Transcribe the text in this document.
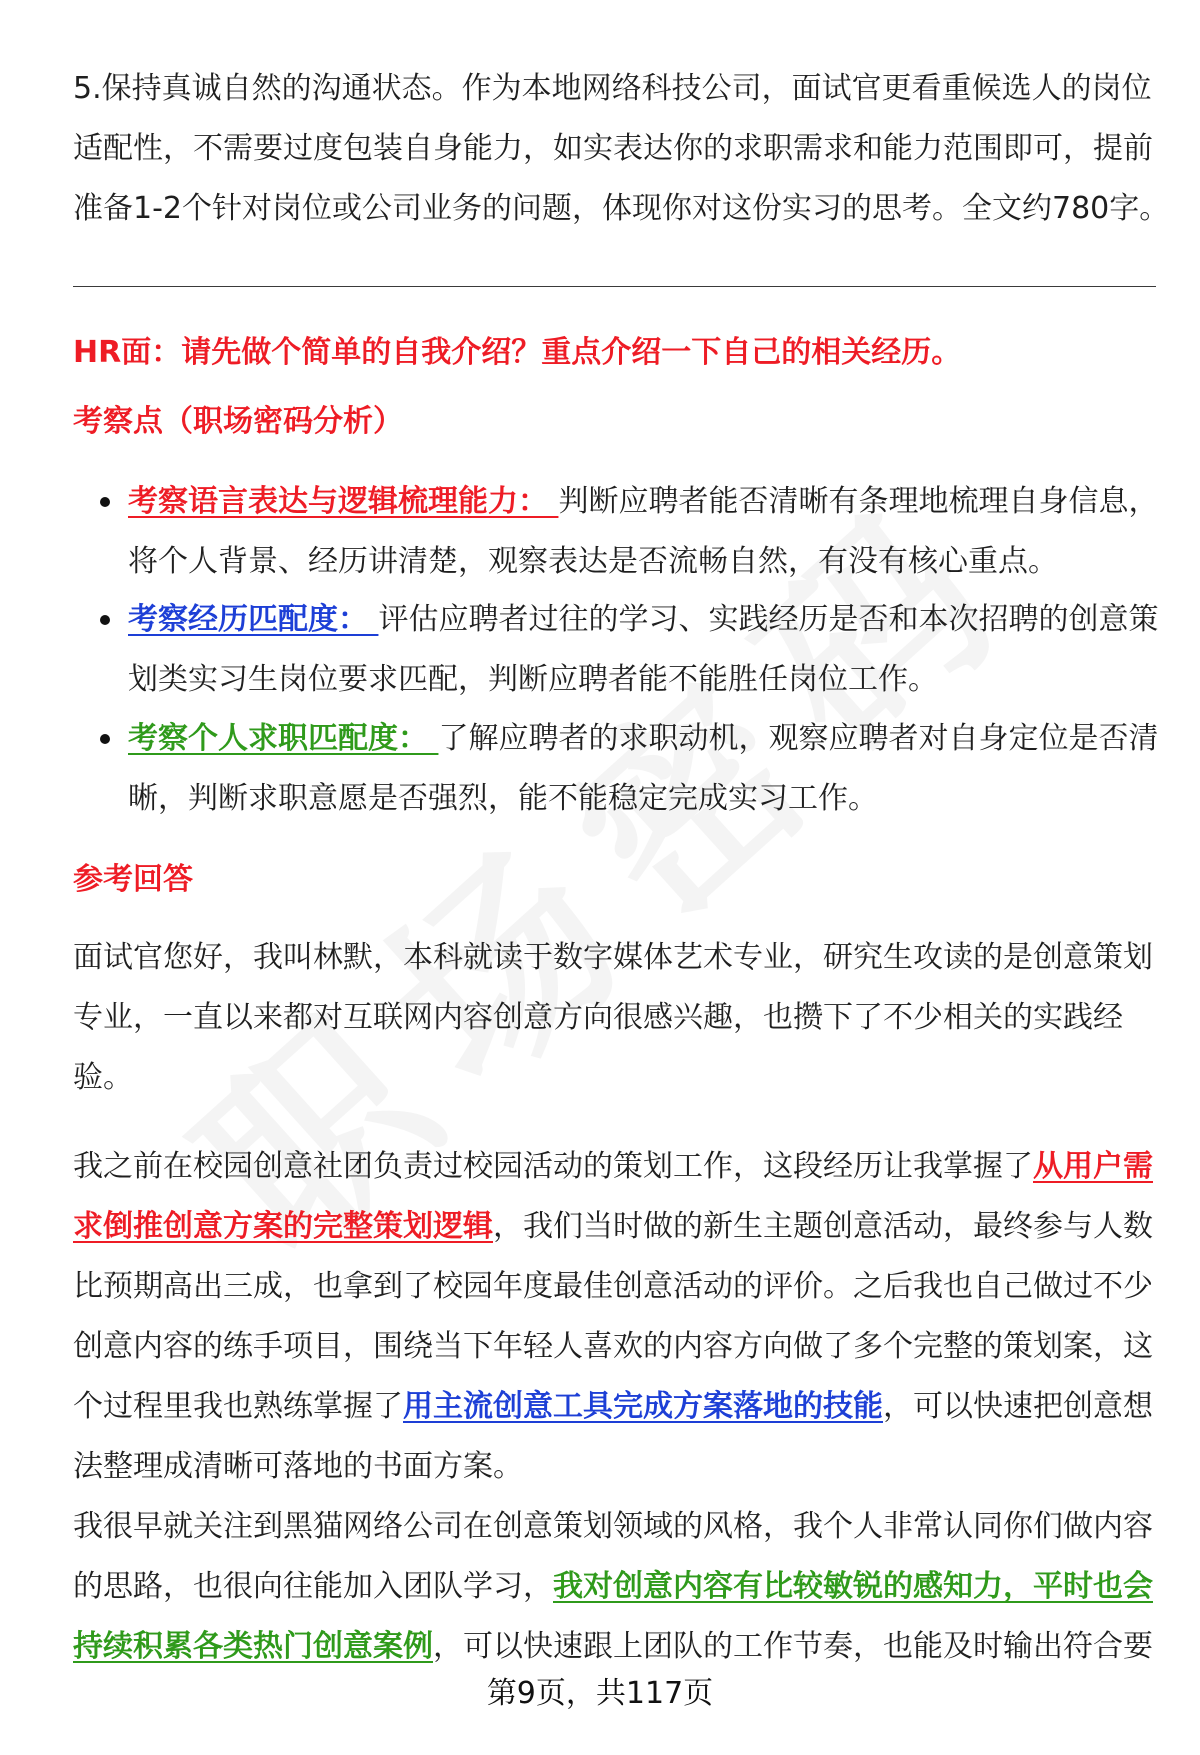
5.保持真诚自然的沟通状态。作为本地网络科技公司，面试官更看重候选人的岗位
适配性，不需要过度包装自身能力，如实表达你的求职需求和能力范围即可，提前
准备1-2个针对岗位或公司业务的问题，体现你对这份实习的思考。全文约780字。
HR面：请先做个简单的自我介绍？重点介绍一下自己的相关经历。
考察点（职场密码分析）
考察语言表达与逻辑梳理能力： 判断应聘者能否清晰有条理地梳理自身信息，
将个人背景、经历讲清楚，观察表达是否流畅自然，有没有核心重点。
考察经历匹配度： 评估应聘者过往的学习、实践经历是否和本次招聘的创意策
划类实习生岗位要求匹配，判断应聘者能不能胜任岗位工作。
考察个人求职匹配度： 了解应聘者的求职动机，观察应聘者对自身定位是否清
晰，判断求职意愿是否强烈，能不能稳定完成实习工作。
参考回答
面试官您好，我叫林默，本科就读于数字媒体艺术专业，研究生攻读的是创意策划
专业，一直以来都对互联网内容创意方向很感兴趣，也攒下了不少相关的实践经
验。
我之前在校园创意社团负责过校园活动的策划工作，这段经历让我掌握了从用户需
求倒推创意方案的完整策划逻辑，我们当时做的新生主题创意活动，最终参与人数
比预期高出三成，也拿到了校园年度最佳创意活动的评价。之后我也自己做过不少
创意内容的练手项目，围绕当下年轻人喜欢的内容方向做了多个完整的策划案，这
个过程里我也熟练掌握了用主流创意工具完成方案落地的技能，可以快速把创意想
法整理成清晰可落地的书面方案。
我很早就关注到黑猫网络公司在创意策划领域的风格，我个人非常认同你们做内容
的思路，也很向往能加入团队学习，我对创意内容有比较敏锐的感知力，平时也会
持续积累各类热门创意案例，可以快速跟上团队的工作节奏，也能及时输出符合要
第9页，共117页
